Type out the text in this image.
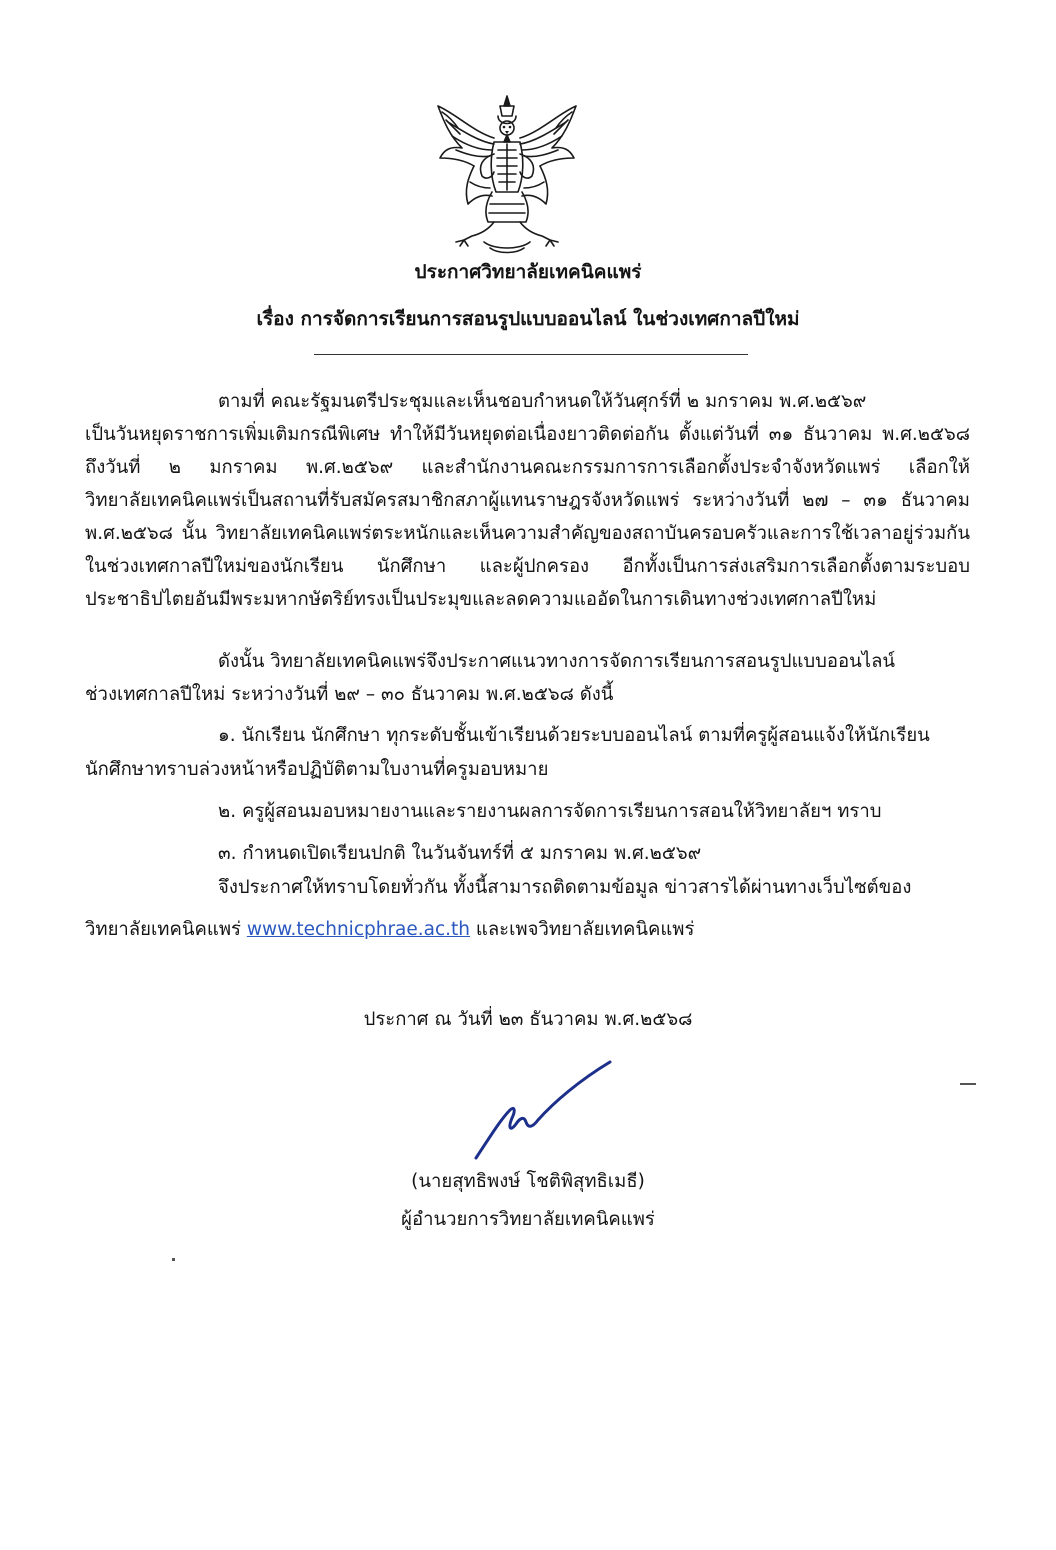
ประกาศวิทยาลัยเทคนิคแพร่
เรื่อง การจัดการเรียนการสอนรูปแบบออนไลน์ ในช่วงเทศกาลปีใหม่
ตามที่ คณะรัฐมนตรีประชุมและเห็นชอบกำหนดให้วันศุกร์ที่ ๒ มกราคม พ.ศ.๒๕๖๙
เป็นวันหยุดราชการเพิ่มเติมกรณีพิเศษ ทำให้มีวันหยุดต่อเนื่องยาวติดต่อกัน ตั้งแต่วันที่ ๓๑ ธันวาคม พ.ศ.๒๕๖๘
ถึงวันที่ ๒ มกราคม พ.ศ.๒๕๖๙ และสำนักงานคณะกรรมการการเลือกตั้งประจำจังหวัดแพร่ เลือกให้
วิทยาลัยเทคนิคแพร่เป็นสถานที่รับสมัครสมาชิกสภาผู้แทนราษฎรจังหวัดแพร่ ระหว่างวันที่ ๒๗ – ๓๑ ธันวาคม
พ.ศ.๒๕๖๘ นั้น วิทยาลัยเทคนิคแพร่ตระหนักและเห็นความสำคัญของสถาบันครอบครัวและการใช้เวลาอยู่ร่วมกัน
ในช่วงเทศกาลปีใหม่ของนักเรียน นักศึกษา และผู้ปกครอง อีกทั้งเป็นการส่งเสริมการเลือกตั้งตามระบอบ
ประชาธิปไตยอันมีพระมหากษัตริย์ทรงเป็นประมุขและลดความแออัดในการเดินทางช่วงเทศกาลปีใหม่
ดังนั้น วิทยาลัยเทคนิคแพร่จึงประกาศแนวทางการจัดการเรียนการสอนรูปแบบออนไลน์
ช่วงเทศกาลปีใหม่ ระหว่างวันที่ ๒๙ – ๓๐ ธันวาคม พ.ศ.๒๕๖๘ ดังนี้
๑. นักเรียน นักศึกษา ทุกระดับชั้นเข้าเรียนด้วยระบบออนไลน์ ตามที่ครูผู้สอนแจ้งให้นักเรียน
นักศึกษาทราบล่วงหน้าหรือปฏิบัติตามใบงานที่ครูมอบหมาย
๒. ครูผู้สอนมอบหมายงานและรายงานผลการจัดการเรียนการสอนให้วิทยาลัยฯ ทราบ
๓. กำหนดเปิดเรียนปกติ ในวันจันทร์ที่ ๕ มกราคม พ.ศ.๒๕๖๙
จึงประกาศให้ทราบโดยทั่วกัน ทั้งนี้สามารถติดตามข้อมูล ข่าวสารได้ผ่านทางเว็บไซต์ของ
วิทยาลัยเทคนิคแพร่ www.technicphrae.ac.th และเพจวิทยาลัยเทคนิคแพร่
ประกาศ ณ วันที่ ๒๓ ธันวาคม พ.ศ.๒๕๖๘
(นายสุทธิพงษ์ โชติพิสุทธิเมธี)
ผู้อำนวยการวิทยาลัยเทคนิคแพร่
